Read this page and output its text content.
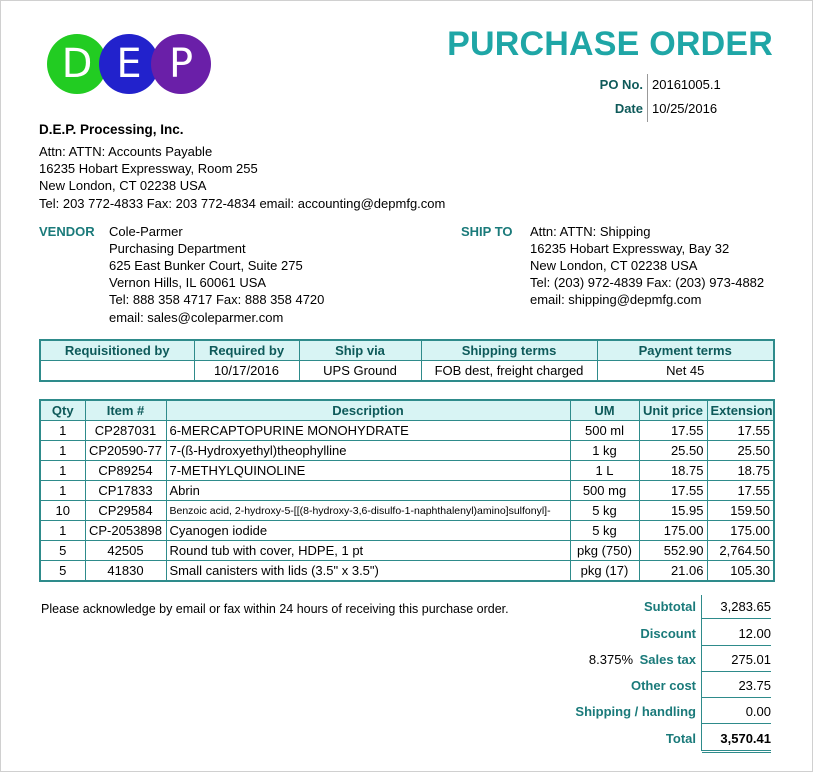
D E P	PURCHASE ORDER
PO No. 20161005.1
Date 10/25/2016
D.E.P. Processing, Inc.
Attn: ATTN: Accounts Payable
16235 Hobart Expressway, Room 255
New London, CT 02238 USA
Tel: 203 772-4833 Fax: 203 772-4834 email: accounting@depmfg.com
VENDOR Cole-Parmer
Purchasing Department
625 East Bunker Court, Suite 275
Vernon Hills, IL 60061 USA
Tel: 888 358 4717 Fax: 888 358 4720
email: sales@coleparmer.com
SHIP TO Attn: ATTN: Shipping
16235 Hobart Expressway, Bay 32
New London, CT 02238 USA
Tel: (203) 972-4839 Fax: (203) 973-4882
email: shipping@depmfg.com
Requisitioned by	Required by	Ship via	Shipping terms	Payment terms
	10/17/2016	UPS Ground	FOB dest, freight charged	Net 45
Qty	Item #	Description	UM	Unit price	Extension
1	CP287031	6-MERCAPTOPURINE MONOHYDRATE	500 ml	17.55	17.55
1	CP20590-77	7-(ß-Hydroxyethyl)theophylline	1 kg	25.50	25.50
1	CP89254	7-METHYLQUINOLINE	1 L	18.75	18.75
1	CP17833	Abrin	500 mg	17.55	17.55
10	CP29584	Benzoic acid, 2-hydroxy-5-[[(8-hydroxy-3,6-disulfo-1-naphthalenyl)amino]sulfonyl]-	5 kg	15.95	159.50
1	CP-2053898	Cyanogen iodide	5 kg	175.00	175.00
5	42505	Round tub with cover, HDPE, 1 pt	pkg (750)	552.90	2,764.50
5	41830	Small canisters with lids (3.5" x 3.5")	pkg (17)	21.06	105.30
Please acknowledge by email or fax within 24 hours of receiving this purchase order.	Subtotal	3,283.65
Discount	12.00
8.375% Sales tax	275.01
Other cost	23.75
Shipping / handling	0.00
Total	3,570.41
